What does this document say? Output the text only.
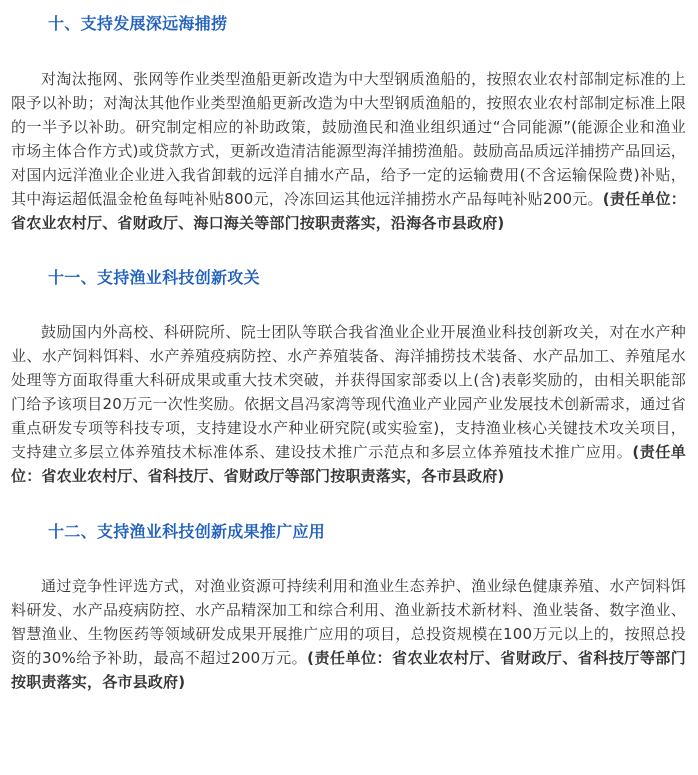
十、支持发展深远海捕捞

对淘汰拖网、张网等作业类型渔船更新改造为中大型钢质渔船的，按照农业农村部制定标准的上限予以补助；对淘汰其他作业类型渔船更新改造为中大型钢质渔船的，按照农业农村部制定标准上限的一半予以补助。研究制定相应的补助政策，鼓励渔民和渔业组织通过“合同能源”(能源企业和渔业市场主体合作方式)或贷款方式，更新改造清洁能源型海洋捕捞渔船。鼓励高品质远洋捕捞产品回运，对国内远洋渔业企业进入我省卸载的远洋自捕水产品，给予一定的运输费用(不含运输保险费)补贴，其中海运超低温金枪鱼每吨补贴800元，冷冻回运其他远洋捕捞水产品每吨补贴200元。(责任单位：省农业农村厅、省财政厅、海口海关等部门按职责落实，沿海各市县政府)

十一、支持渔业科技创新攻关

鼓励国内外高校、科研院所、院士团队等联合我省渔业企业开展渔业科技创新攻关，对在水产种业、水产饲料饵料、水产养殖疫病防控、水产养殖装备、海洋捕捞技术装备、水产品加工、养殖尾水处理等方面取得重大科研成果或重大技术突破，并获得国家部委以上(含)表彰奖励的，由相关职能部门给予该项目20万元一次性奖励。依据文昌冯家湾等现代渔业产业园产业发展技术创新需求，通过省重点研发专项等科技专项，支持建设水产种业研究院(或实验室)，支持渔业核心关键技术攻关项目，支持建立多层立体养殖技术标准体系、建设技术推广示范点和多层立体养殖技术推广应用。(责任单位：省农业农村厅、省科技厅、省财政厅等部门按职责落实，各市县政府)

十二、支持渔业科技创新成果推广应用

通过竞争性评选方式，对渔业资源可持续利用和渔业生态养护、渔业绿色健康养殖、水产饲料饵料研发、水产品疫病防控、水产品精深加工和综合利用、渔业新技术新材料、渔业装备、数字渔业、智慧渔业、生物医药等领域研发成果开展推广应用的项目，总投资规模在100万元以上的，按照总投资的30%给予补助，最高不超过200万元。(责任单位：省农业农村厅、省财政厅、省科技厅等部门按职责落实，各市县政府)
